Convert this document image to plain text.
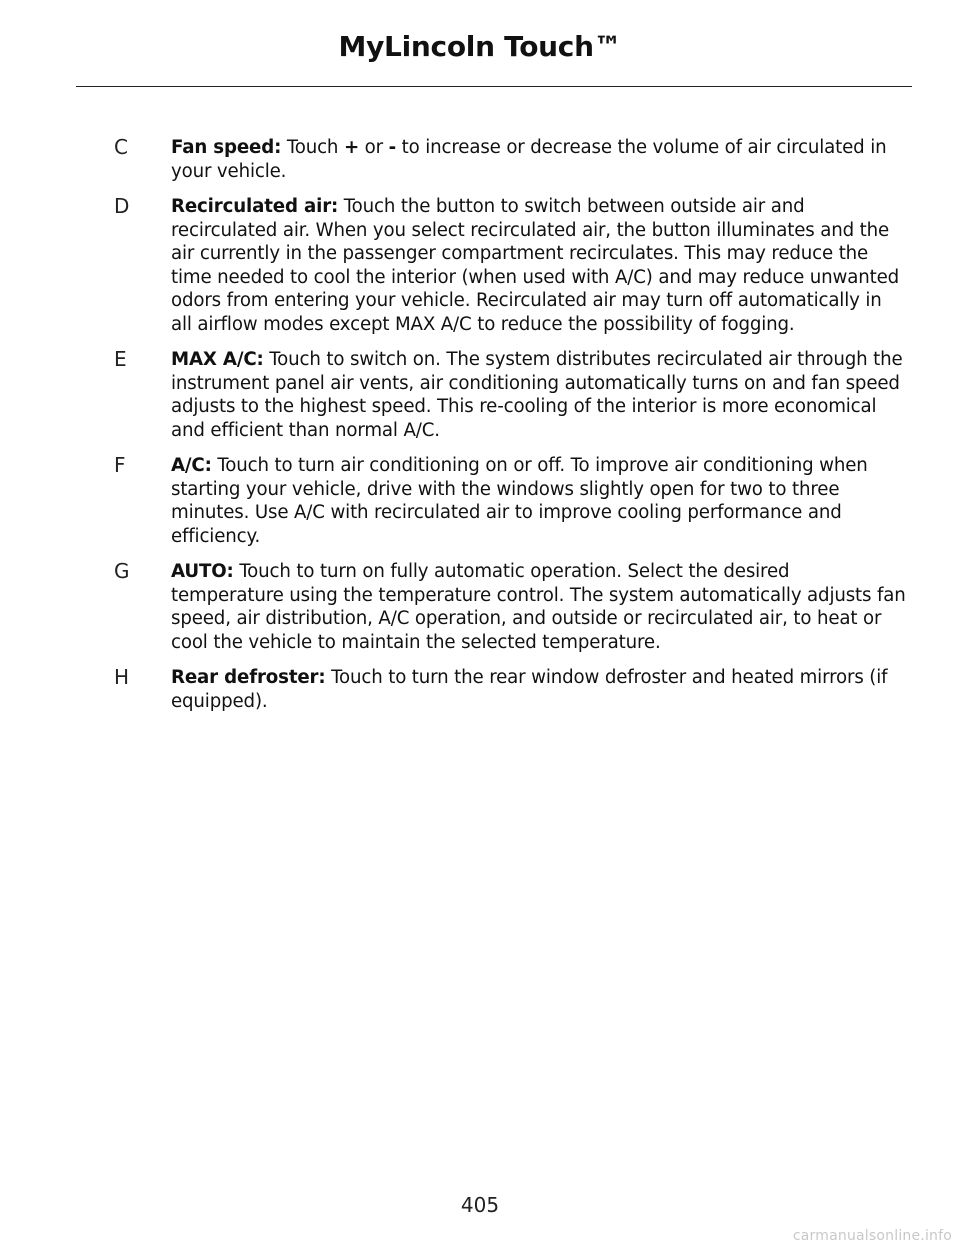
MyLincoln Touch™
C	Fan speed: Touch + or - to increase or decrease the volume of air circulated in your vehicle.
D Recirculated air: Touch the button to switch between outside air and recirculated air. When you select recirculated air, the button illuminates and the air currently in the passenger compartment recirculates. This may reduce the time needed to cool the interior (when used with A/C) and may reduce unwanted odors from entering your vehicle. Recirculated air may turn off automatically in all airflow modes except MAX A/C to reduce the possibility of fogging.
E	MAX A/C: Touch to switch on. The system distributes recirculated air through the instrument panel air vents, air conditioning automatically turns on and fan speed adjusts to the highest speed. This re-cooling of the interior is more economical and efficient than normal A/C.
F	A/C: Touch to turn air conditioning on or off. To improve air conditioning when starting your vehicle, drive with the windows slightly open for two to three minutes. Use A/C with recirculated air to improve cooling performance and efficiency.
G AUTO: Touch to turn on fully automatic operation. Select the desired temperature using the temperature control. The system automatically adjusts fan speed, air distribution, A/C operation, and outside or recirculated air, to heat or cool the vehicle to maintain the selected temperature.
H Rear defroster: Touch to turn the rear window defroster and heated mirrors (if equipped).
405
carmanualsonline.info
